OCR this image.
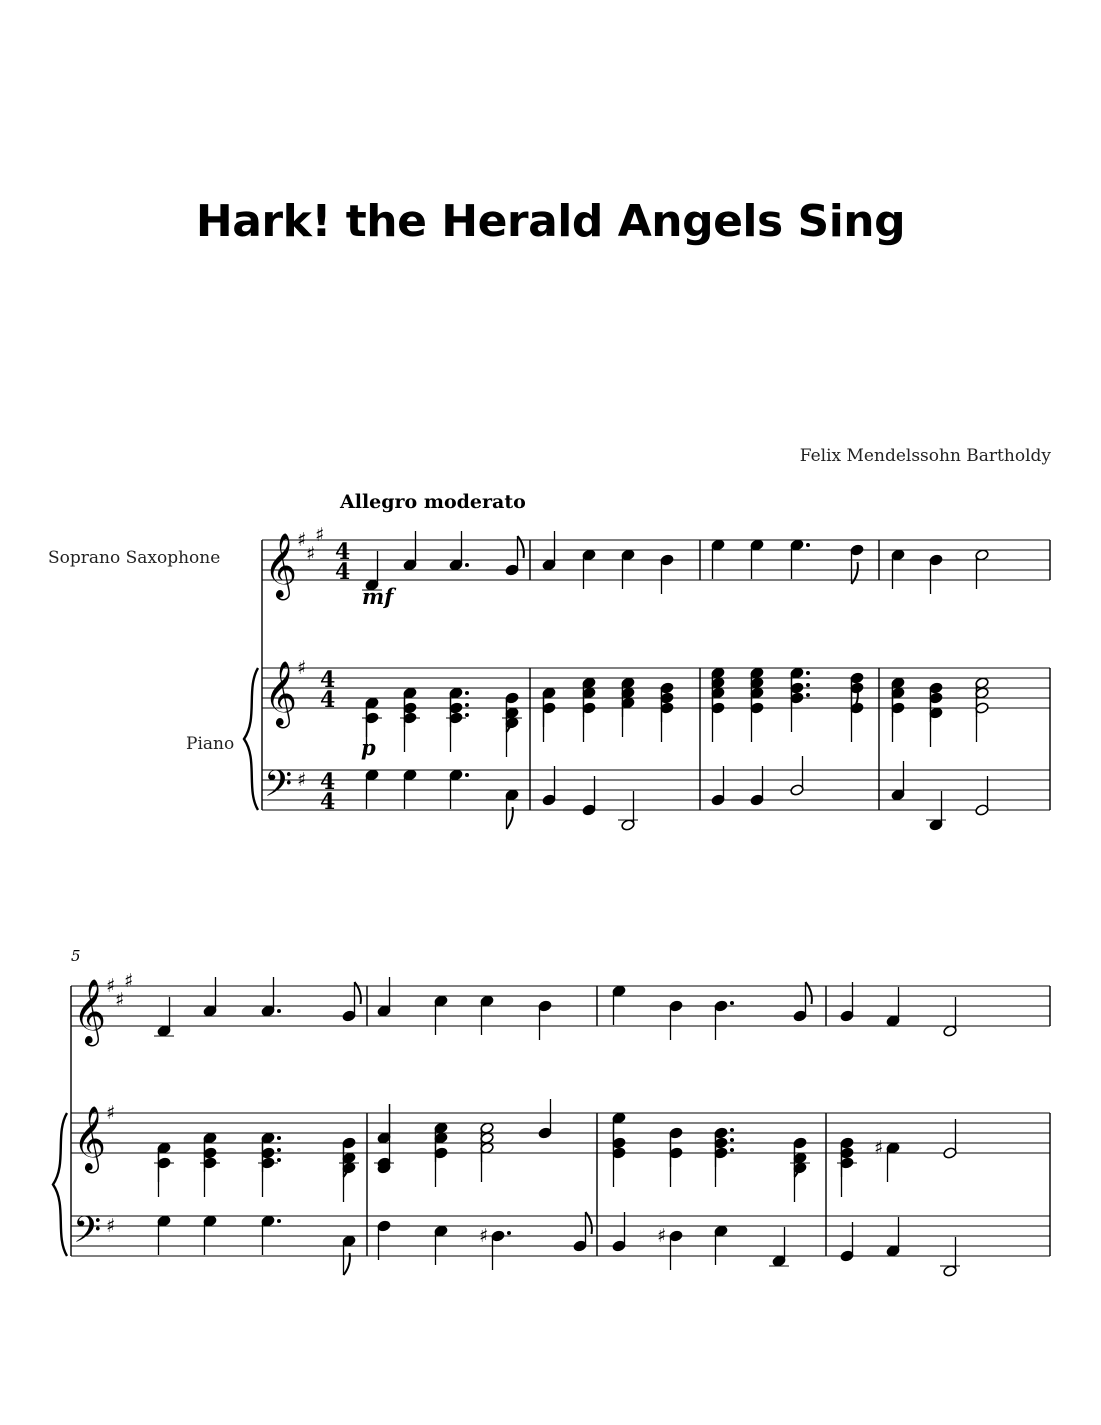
Hark! the Herald Angels Sing
Felix Mendelssohn Bartholdy
Allegro moderato
Soprano Saxophone
Piano
5
𝄞
𝄞
𝄢
♯
♯
♯
♯
♯
4
4
4
4
4
4
𝄞
𝄞
𝄢
♯
♯
♯
♯
♯
♯
♯	♯
mf
p
